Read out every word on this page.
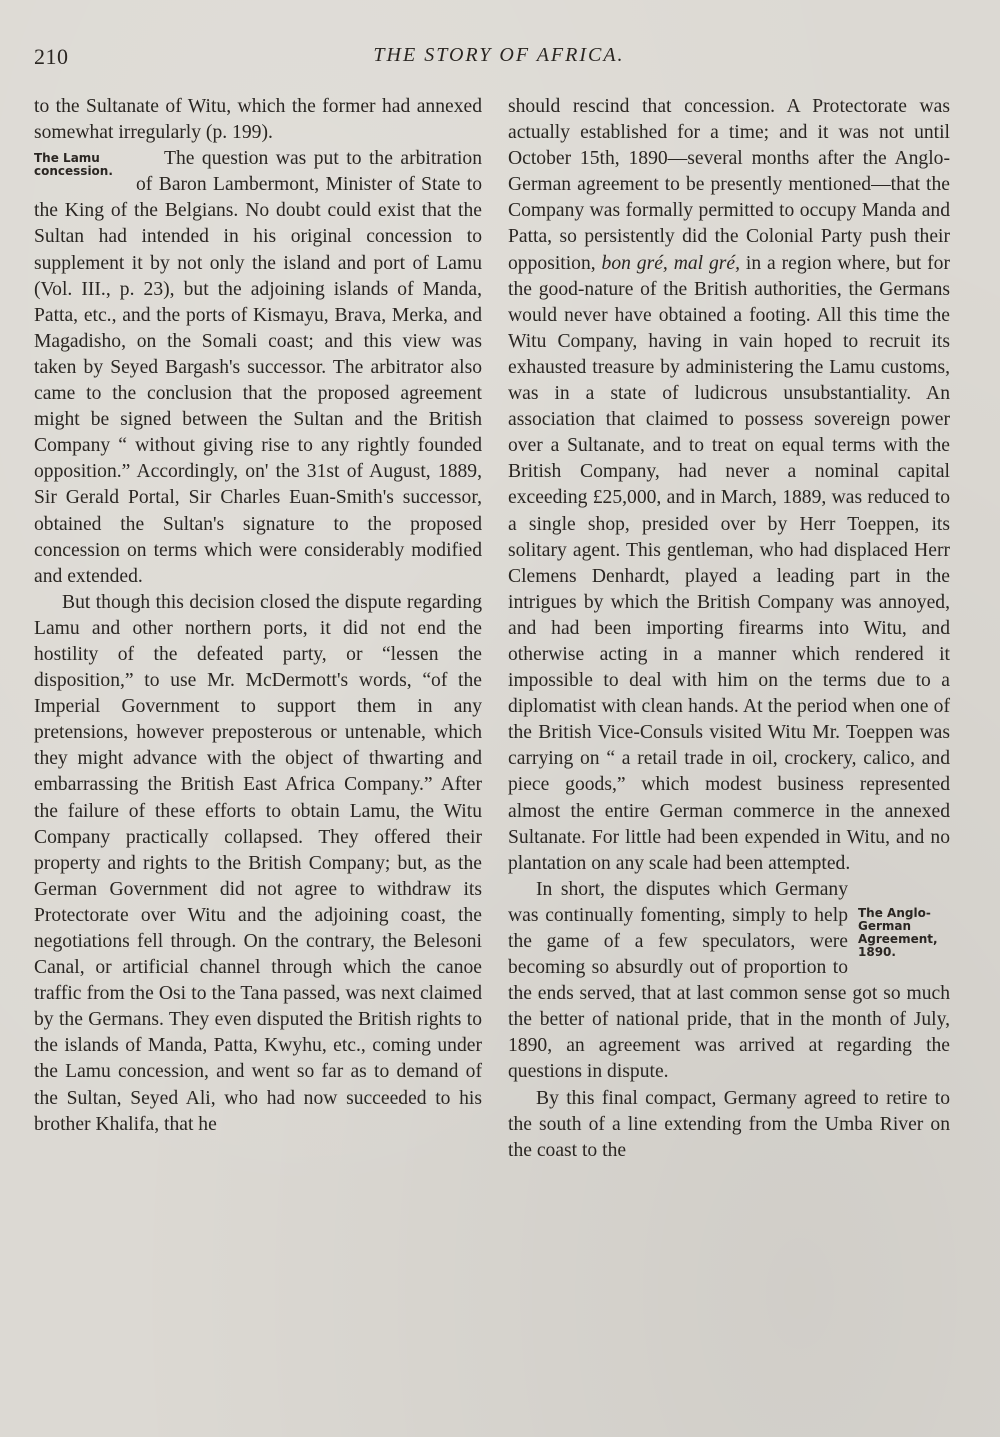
THE STORY OF AFRICA.
210

to the Sultanate of Witu, which the former had annexed somewhat irregularly (p. 199).

The Lamu
concession.

The question was put to the arbitration of Baron Lambermont, Minister of State to the King of the Belgians. No doubt could exist that the Sultan had intended in his original concession to supplement it by not only the island and port of Lamu (Vol. III., p. 23), but the adjoining islands of Manda, Patta, etc., and the ports of Kismayu, Brava, Merka, and Magadisho, on the Somali coast; and this view was taken by Seyed Bargash's successor. The arbitrator also came to the conclusion that the proposed agreement might be signed between the Sultan and the British Company “ without giving rise to any rightly founded opposition.” Accordingly, on' the 31st of August, 1889, Sir Gerald Portal, Sir Charles Euan-Smith's successor, obtained the Sultan's signature to the proposed concession on terms which were considerably modified and extended.

But though this decision closed the dispute regarding Lamu and other northern ports, it did not end the hostility of the defeated party, or “lessen the disposition,” to use Mr. McDermott's words, “of the Imperial Government to support them in any pretensions, however preposterous or untenable, which they might advance with the object of thwarting and embarrassing the British East Africa Company.” After the failure of these efforts to obtain Lamu, the Witu Company practically collapsed. They offered their property and rights to the British Company; but, as the German Government did not agree to withdraw its Protectorate over Witu and the adjoining coast, the negotiations fell through. On the contrary, the Belesoni Canal, or artificial channel through which the canoe traffic from the Osi to the Tana passed, was next claimed by the Germans. They even disputed the British rights to the islands of Manda, Patta, Kwyhu, etc., coming under the Lamu concession, and went so far as to demand of the Sultan, Seyed Ali, who had now succeeded to his brother Khalifa, that he

should rescind that concession. A Protectorate was actually established for a time; and it was not until October 15th, 1890—several months after the Anglo-German agreement to be presently mentioned—that the Company was formally permitted to occupy Manda and Patta, so persistently did the Colonial Party push their opposition, bon gré, mal gré, in a region where, but for the good-nature of the British authorities, the Germans would never have obtained a footing. All this time the Witu Company, having in vain hoped to recruit its exhausted treasure by administering the Lamu customs, was in a state of ludicrous unsubstantiality. An association that claimed to possess sovereign power over a Sultanate, and to treat on equal terms with the British Company, had never a nominal capital exceeding £25,000, and in March, 1889, was reduced to a single shop, presided over by Herr Toeppen, its solitary agent. This gentleman, who had displaced Herr Clemens Denhardt, played a leading part in the intrigues by which the British Company was annoyed, and had been importing firearms into Witu, and otherwise acting in a manner which rendered it impossible to deal with him on the terms due to a diplomatist with clean hands. At the period when one of the British Vice-Consuls visited Witu Mr. Toeppen was carrying on “ a retail trade in oil, crockery, calico, and piece goods,” which modest business represented almost the entire German commerce in the annexed Sultanate. For little had been expended in Witu, and no plantation on any scale had been attempted.

The Anglo-
German
Agreement,
1890.

In short, the disputes which Germany was continually fomenting, simply to help the game of a few speculators, were becoming so absurdly out of proportion to the ends served, that at last common sense got so much the better of national pride, that in the month of July, 1890, an agreement was arrived at regarding the questions in dispute.

By this final compact, Germany agreed to retire to the south of a line extending from the Umba River on the coast to the
